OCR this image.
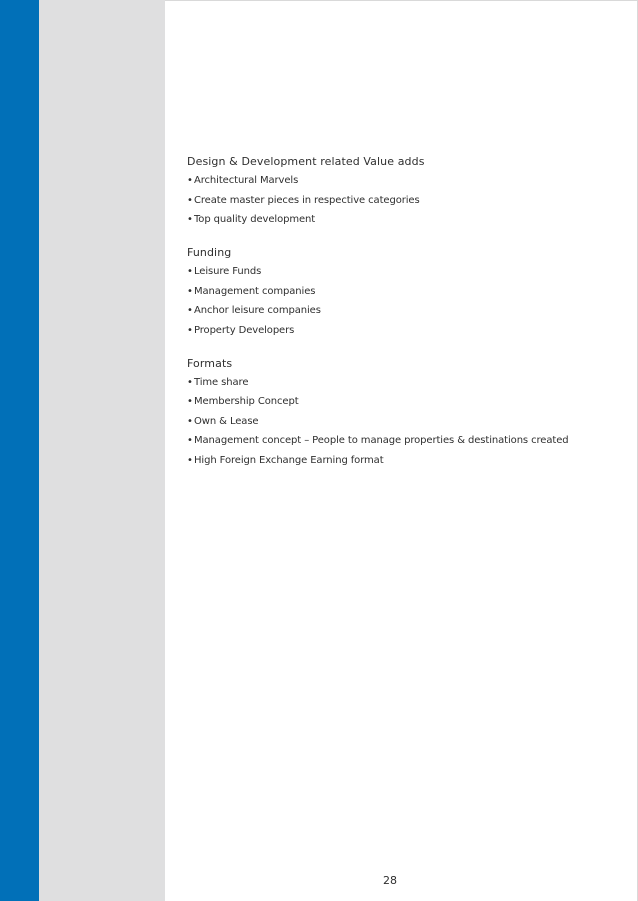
Design & Development related Value adds
•Architectural Marvels
•Create master pieces in respective categories
•Top quality development
Funding
•Leisure Funds
•Management companies
•Anchor leisure companies
•Property Developers
Formats
•Time share
•Membership Concept
•Own & Lease
•Management concept – People to manage properties & destinations created
•High Foreign Exchange Earning format
28
